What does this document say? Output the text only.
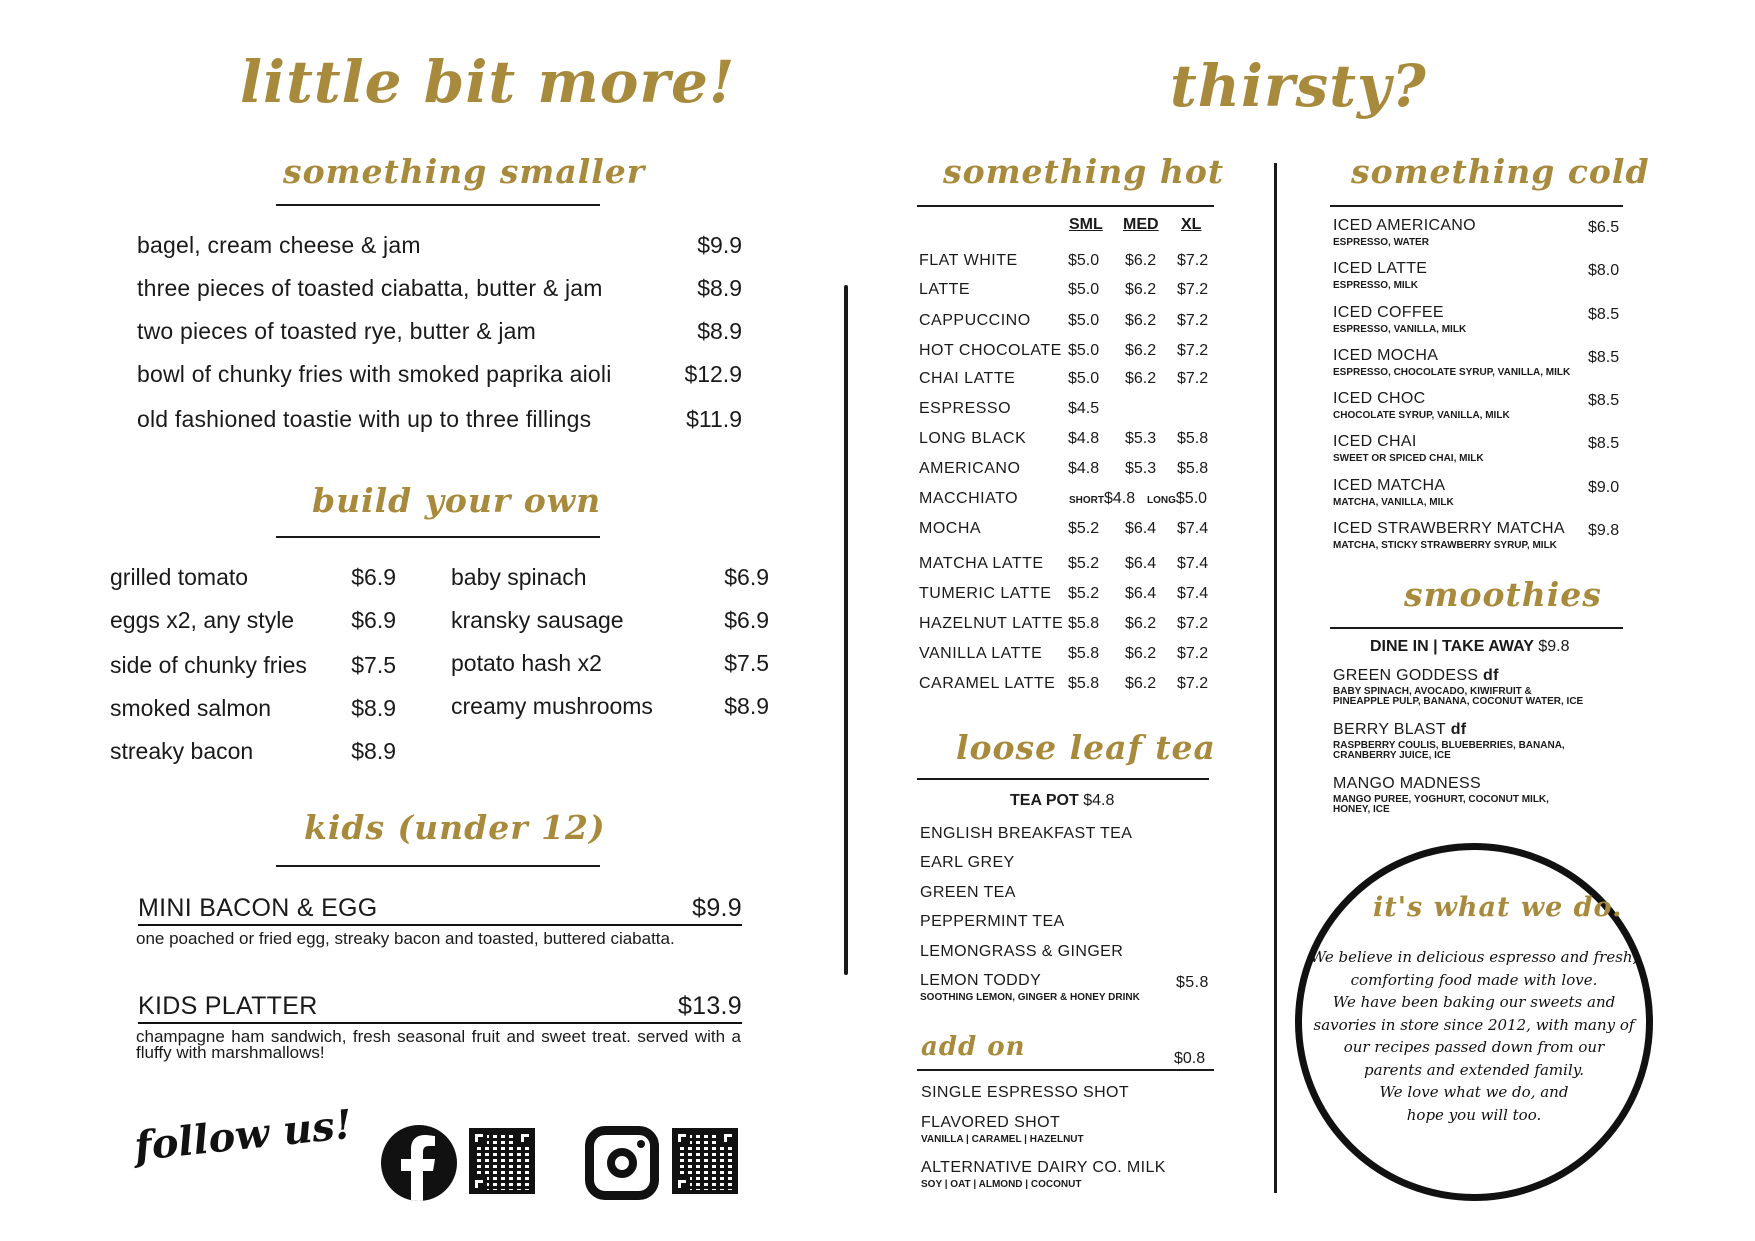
little bit more!
something smaller
bagel, cream cheese & jam	$9.9
three pieces of toasted ciabatta, butter & jam	$8.9
two pieces of toasted rye, butter & jam	$8.9
bowl of chunky fries with smoked paprika aioli	$12.9
old fashioned toastie with up to three fillings	$11.9
build your own
grilled tomato	$6.9
eggs x2, any style $6.9
side of chunky fries $7.5
smoked salmon	$8.9
streaky bacon	$8.9
baby spinach	$6.9
kransky sausage	$6.9
potato hash x2	$7.5
creamy mushrooms	$8.9
kids (under 12)
MINI BACON & EGG	$9.9
one poached or fried egg, streaky bacon and toasted, buttered ciabatta.
KIDS PLATTER	$13.9
champagne ham sandwich, fresh seasonal fruit and sweet treat. served with a fluffy with marshmallows!
follow us!
thirsty?
something hot
SML MED XL
FLAT WHITE	$5.0 $6.2 $7.2
LATTE	$5.0 $6.2 $7.2
CAPPUCCINO $5.0 $6.2 $7.2
HOT CHOCOLATE $5.0 $6.2 $7.2
CHAI LATTE	$5.0 $6.2 $7.2
ESPRESSO	$4.5
LONG BLACK	$4.8 $5.3 $5.8
AMERICANO	$4.8 $5.3 $5.8
MACCHIATO	SHORT$4.8 LONG$5.0
MOCHA	$5.2 $6.4 $7.4
MATCHA LATTE $5.2 $6.4 $7.4
TUMERIC LATTE $5.2 $6.4 $7.4
HAZELNUT LATTE $5.8 $6.2 $7.2
VANILLA LATTE $5.8 $6.2 $7.2
CARAMEL LATTE $5.8 $6.2 $7.2
loose leaf tea
TEA POT $4.8
ENGLISH BREAKFAST TEA
EARL GREY
GREEN TEA
PEPPERMINT TEA
LEMONGRASS & GINGER
LEMON TODDY	$5.8
SOOTHING LEMON, GINGER & HONEY DRINK
add on	$0.8
SINGLE ESPRESSO SHOT
FLAVORED SHOT
VANILLA | CARAMEL | HAZELNUT
ALTERNATIVE DAIRY CO. MILK
SOY | OAT | ALMOND | COCONUT
something cold
ICED AMERICANO
ESPRESSO, WATER
$6.5
ICED LATTE
ESPRESSO, MILK
$8.0
ICED COFFEE
ESPRESSO, VANILLA, MILK
$8.5
ICED MOCHA
ESPRESSO, CHOCOLATE SYRUP, VANILLA, MILK
$8.5
ICED CHOC
CHOCOLATE SYRUP, VANILLA, MILK
$8.5
ICED CHAI
SWEET OR SPICED CHAI, MILK
$8.5
ICED MATCHA
MATCHA, VANILLA, MILK
$9.0
ICED STRAWBERRY MATCHA
MATCHA, STICKY STRAWBERRY SYRUP, MILK
$9.8
smoothies
DINE IN | TAKE AWAY $9.8
GREEN GODDESS df
BABY SPINACH, AVOCADO, KIWIFRUIT &
PINEAPPLE PULP, BANANA, COCONUT WATER, ICE
BERRY BLAST df
RASPBERRY COULIS, BLUEBERRIES, BANANA,
CRANBERRY JUICE, ICE
MANGO MADNESS
MANGO PUREE, YOGHURT, COCONUT MILK,
HONEY, ICE
it's what we do.
We believe in delicious espresso and fresh,
comforting food made with love.
We have been baking our sweets and
savories in store since 2012, with many of
our recipes passed down from our
parents and extended family.
We love what we do, and
hope you will too.
